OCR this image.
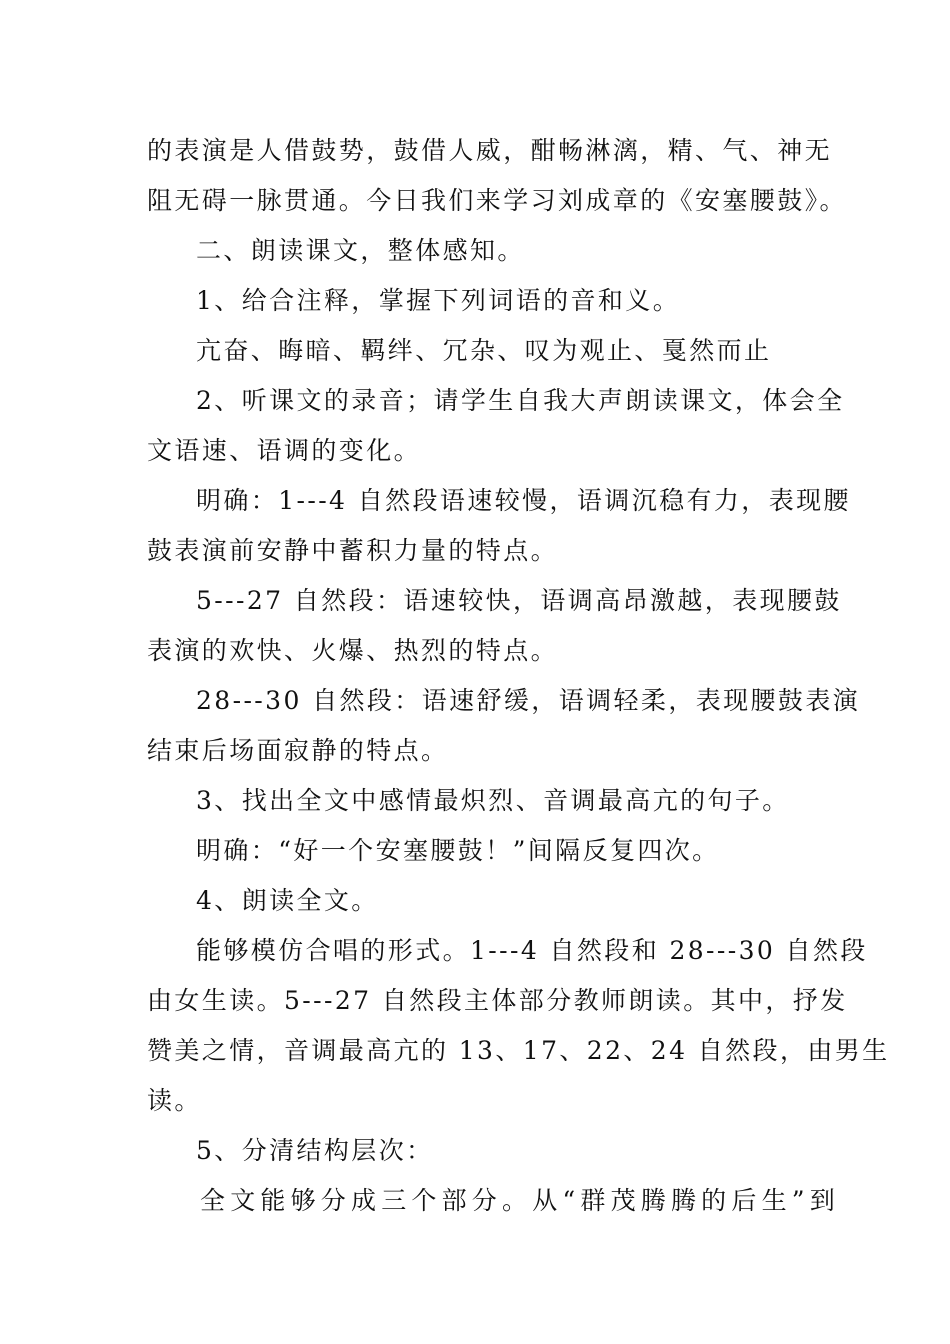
的表演是人借鼓势，鼓借人威，酣畅淋漓，精、气、神无
阻无碍一脉贯通。今日我们来学习刘成章的《安塞腰鼓》。
二、朗读课文，整体感知。
1、给合注释，掌握下列词语的音和义。
亢奋、晦暗、羁绊、冗杂、叹为观止、戛然而止
2、听课文的录音；请学生自我大声朗读课文，体会全
文语速、语调的变化。
明确：1---4 自然段语速较慢，语调沉稳有力，表现腰
鼓表演前安静中蓄积力量的特点。
5---27 自然段：语速较快，语调高昂激越，表现腰鼓
表演的欢快、火爆、热烈的特点。
28---30 自然段：语速舒缓，语调轻柔，表现腰鼓表演
结束后场面寂静的特点。
3、找出全文中感情最炽烈、音调最高亢的句子。
明确：“好一个安塞腰鼓！”间隔反复四次。
4、朗读全文。
能够模仿合唱的形式。1---4 自然段和 28---30 自然段
由女生读。5---27 自然段主体部分教师朗读。其中，抒发
赞美之情，音调最高亢的 13、17、22、24 自然段，由男生
读。
5、分清结构层次：
全文能够分成三个部分。从“群茂腾腾的后生”到
